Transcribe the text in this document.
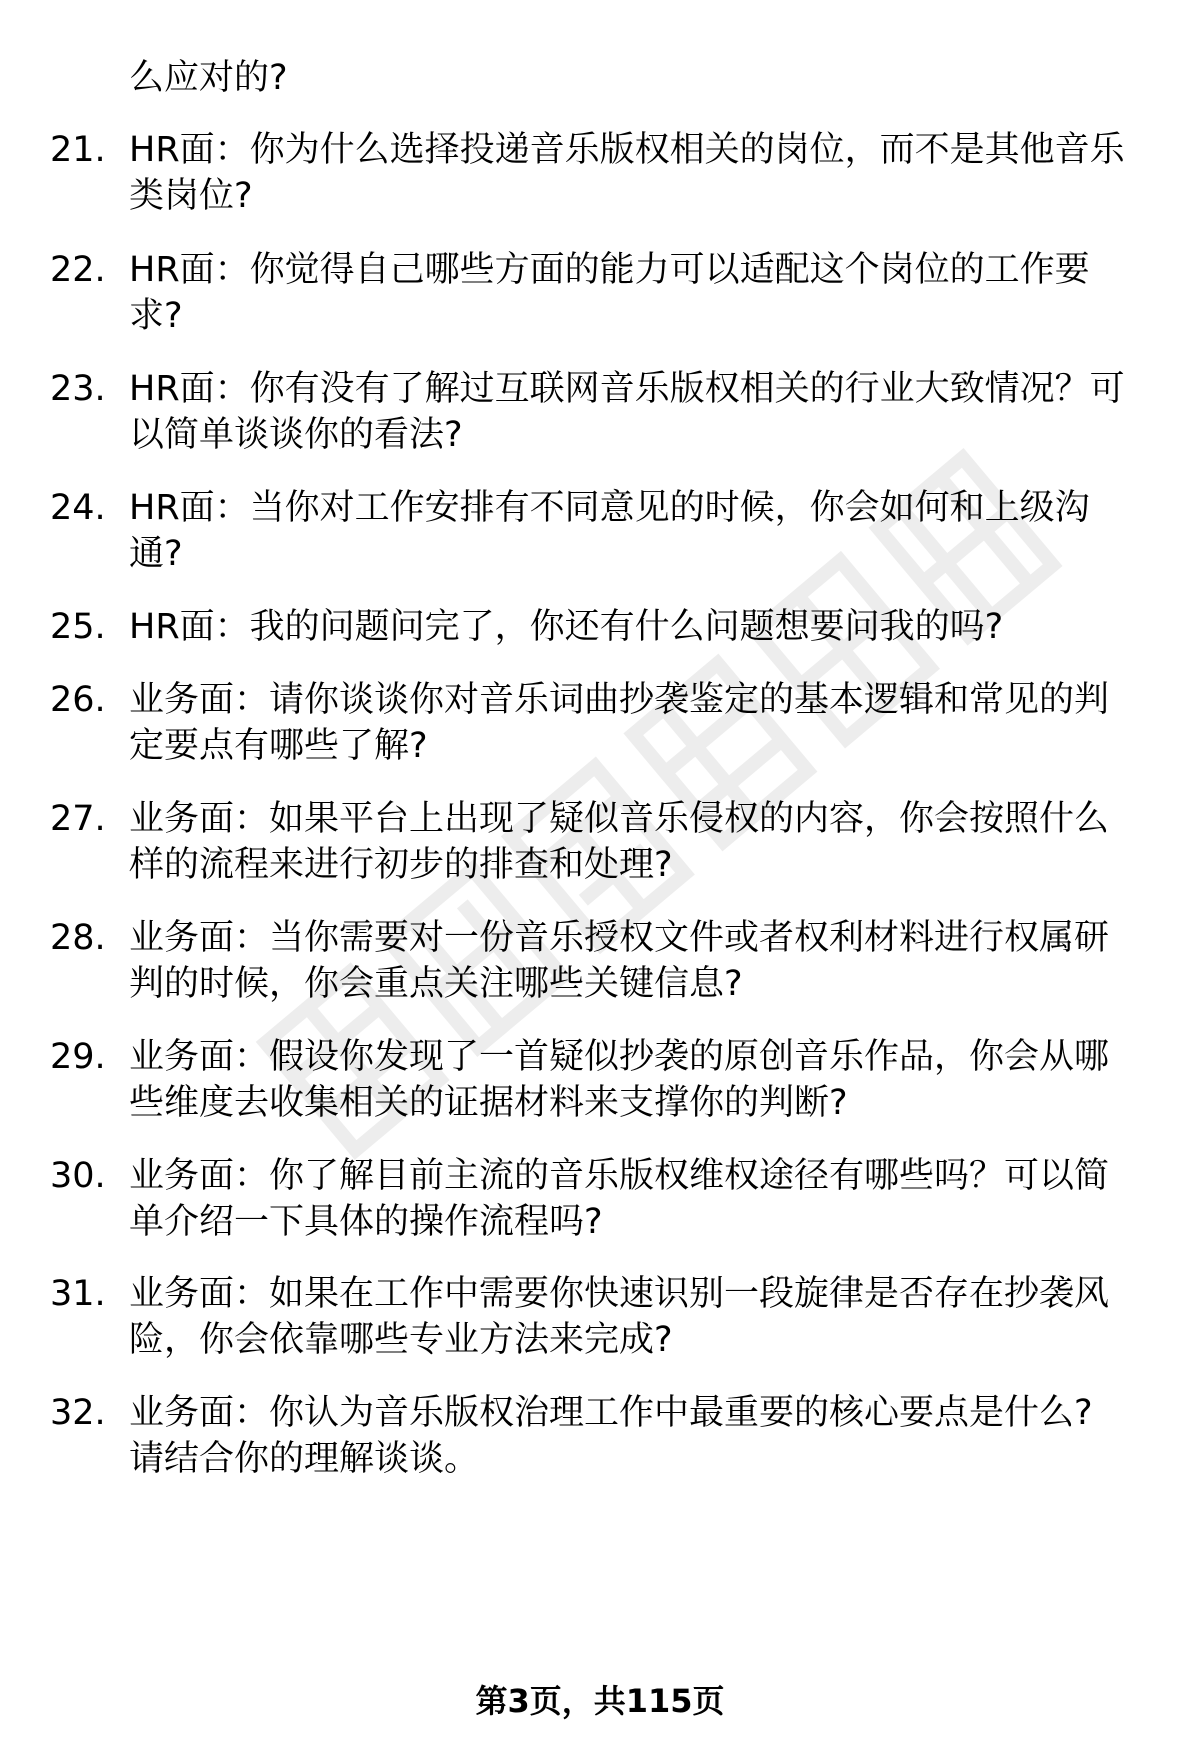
么应对的?
21. HR面：你为什么选择投递音乐版权相关的岗位，而不是其他音乐
类岗位?
22. HR面：你觉得自己哪些方面的能力可以适配这个岗位的工作要
求?
23. HR面：你有没有了解过互联网音乐版权相关的行业大致情况？可
以简单谈谈你的看法?
24. HR面：当你对工作安排有不同意见的时候，你会如何和上级沟
通?
25. HR面：我的问题问完了，你还有什么问题想要问我的吗?
26. 业务面：请你谈谈你对音乐词曲抄袭鉴定的基本逻辑和常见的判
定要点有哪些了解?
27. 业务面：如果平台上出现了疑似音乐侵权的内容，你会按照什么
样的流程来进行初步的排查和处理?
28. 业务面：当你需要对一份音乐授权文件或者权利材料进行权属研
判的时候，你会重点关注哪些关键信息?
29. 业务面：假设你发现了一首疑似抄袭的原创音乐作品，你会从哪
些维度去收集相关的证据材料来支撑你的判断?
30. 业务面：你了解目前主流的音乐版权维权途径有哪些吗？可以简
单介绍一下具体的操作流程吗?
31. 业务面：如果在工作中需要你快速识别一段旋律是否存在抄袭风
险，你会依靠哪些专业方法来完成?
32. 业务面：你认为音乐版权治理工作中最重要的核心要点是什么?
请结合你的理解谈谈。
第3页，共115页
